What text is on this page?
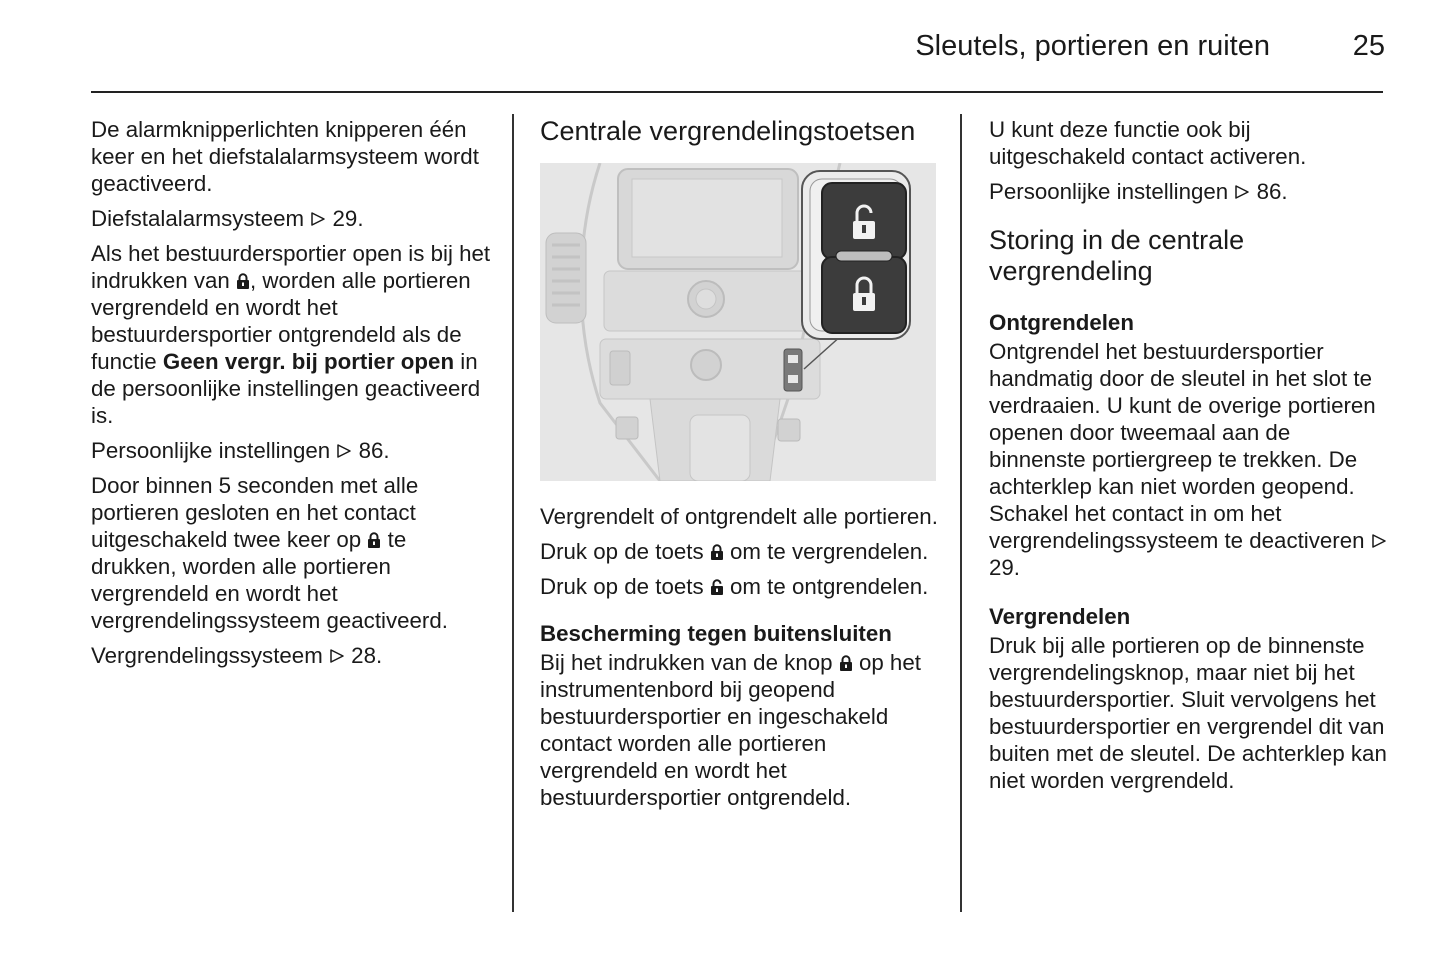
Sleutels, portieren en ruiten	25

De alarmknipperlichten knipperen één keer en het diefstalalarmsysteem wordt geactiveerd.

Diefstalalarmsysteem 29.

Als het bestuurdersportier open is bij het indrukken van , worden alle portieren vergrendeld en wordt het bestuurdersportier ontgrendeld als de functie Geen vergr. bij portier open in de persoonlijke instellingen geactiveerd is.

Persoonlijke instellingen 86.

Door binnen 5 seconden met alle portieren gesloten en het contact uitgeschakeld twee keer op te drukken, worden alle portieren vergrendeld en wordt het vergrendelingssysteem geactiveerd.

Vergrendelingssysteem 28.

Centrale vergrendelingstoetsen

Vergrendelt of ontgrendelt alle portieren.

Druk op de toets om te vergrendelen.

Druk op de toets om te ontgrendelen.

Bescherming tegen buitensluiten

Bij het indrukken van de knop op het instrumentenbord bij geopend bestuurdersportier en ingeschakeld contact worden alle portieren vergrendeld en wordt het bestuurdersportier ontgrendeld.

U kunt deze functie ook bij uitgeschakeld contact activeren.

Persoonlijke instellingen 86.

Storing in de centrale vergrendeling
Ontgrendelen

Ontgrendel het bestuurdersportier handmatig door de sleutel in het slot te verdraaien. U kunt de overige portieren openen door tweemaal aan de binnenste portiergreep te trekken. De achterklep kan niet worden geopend. Schakel het contact in om het vergrendelingssysteem te deactiveren  29.

Vergrendelen

Druk bij alle portieren op de binnenste vergrendelingsknop, maar niet bij het bestuurdersportier. Sluit vervolgens het bestuurdersportier en vergrendel dit van buiten met de sleutel. De achterklep kan niet worden vergrendeld.
